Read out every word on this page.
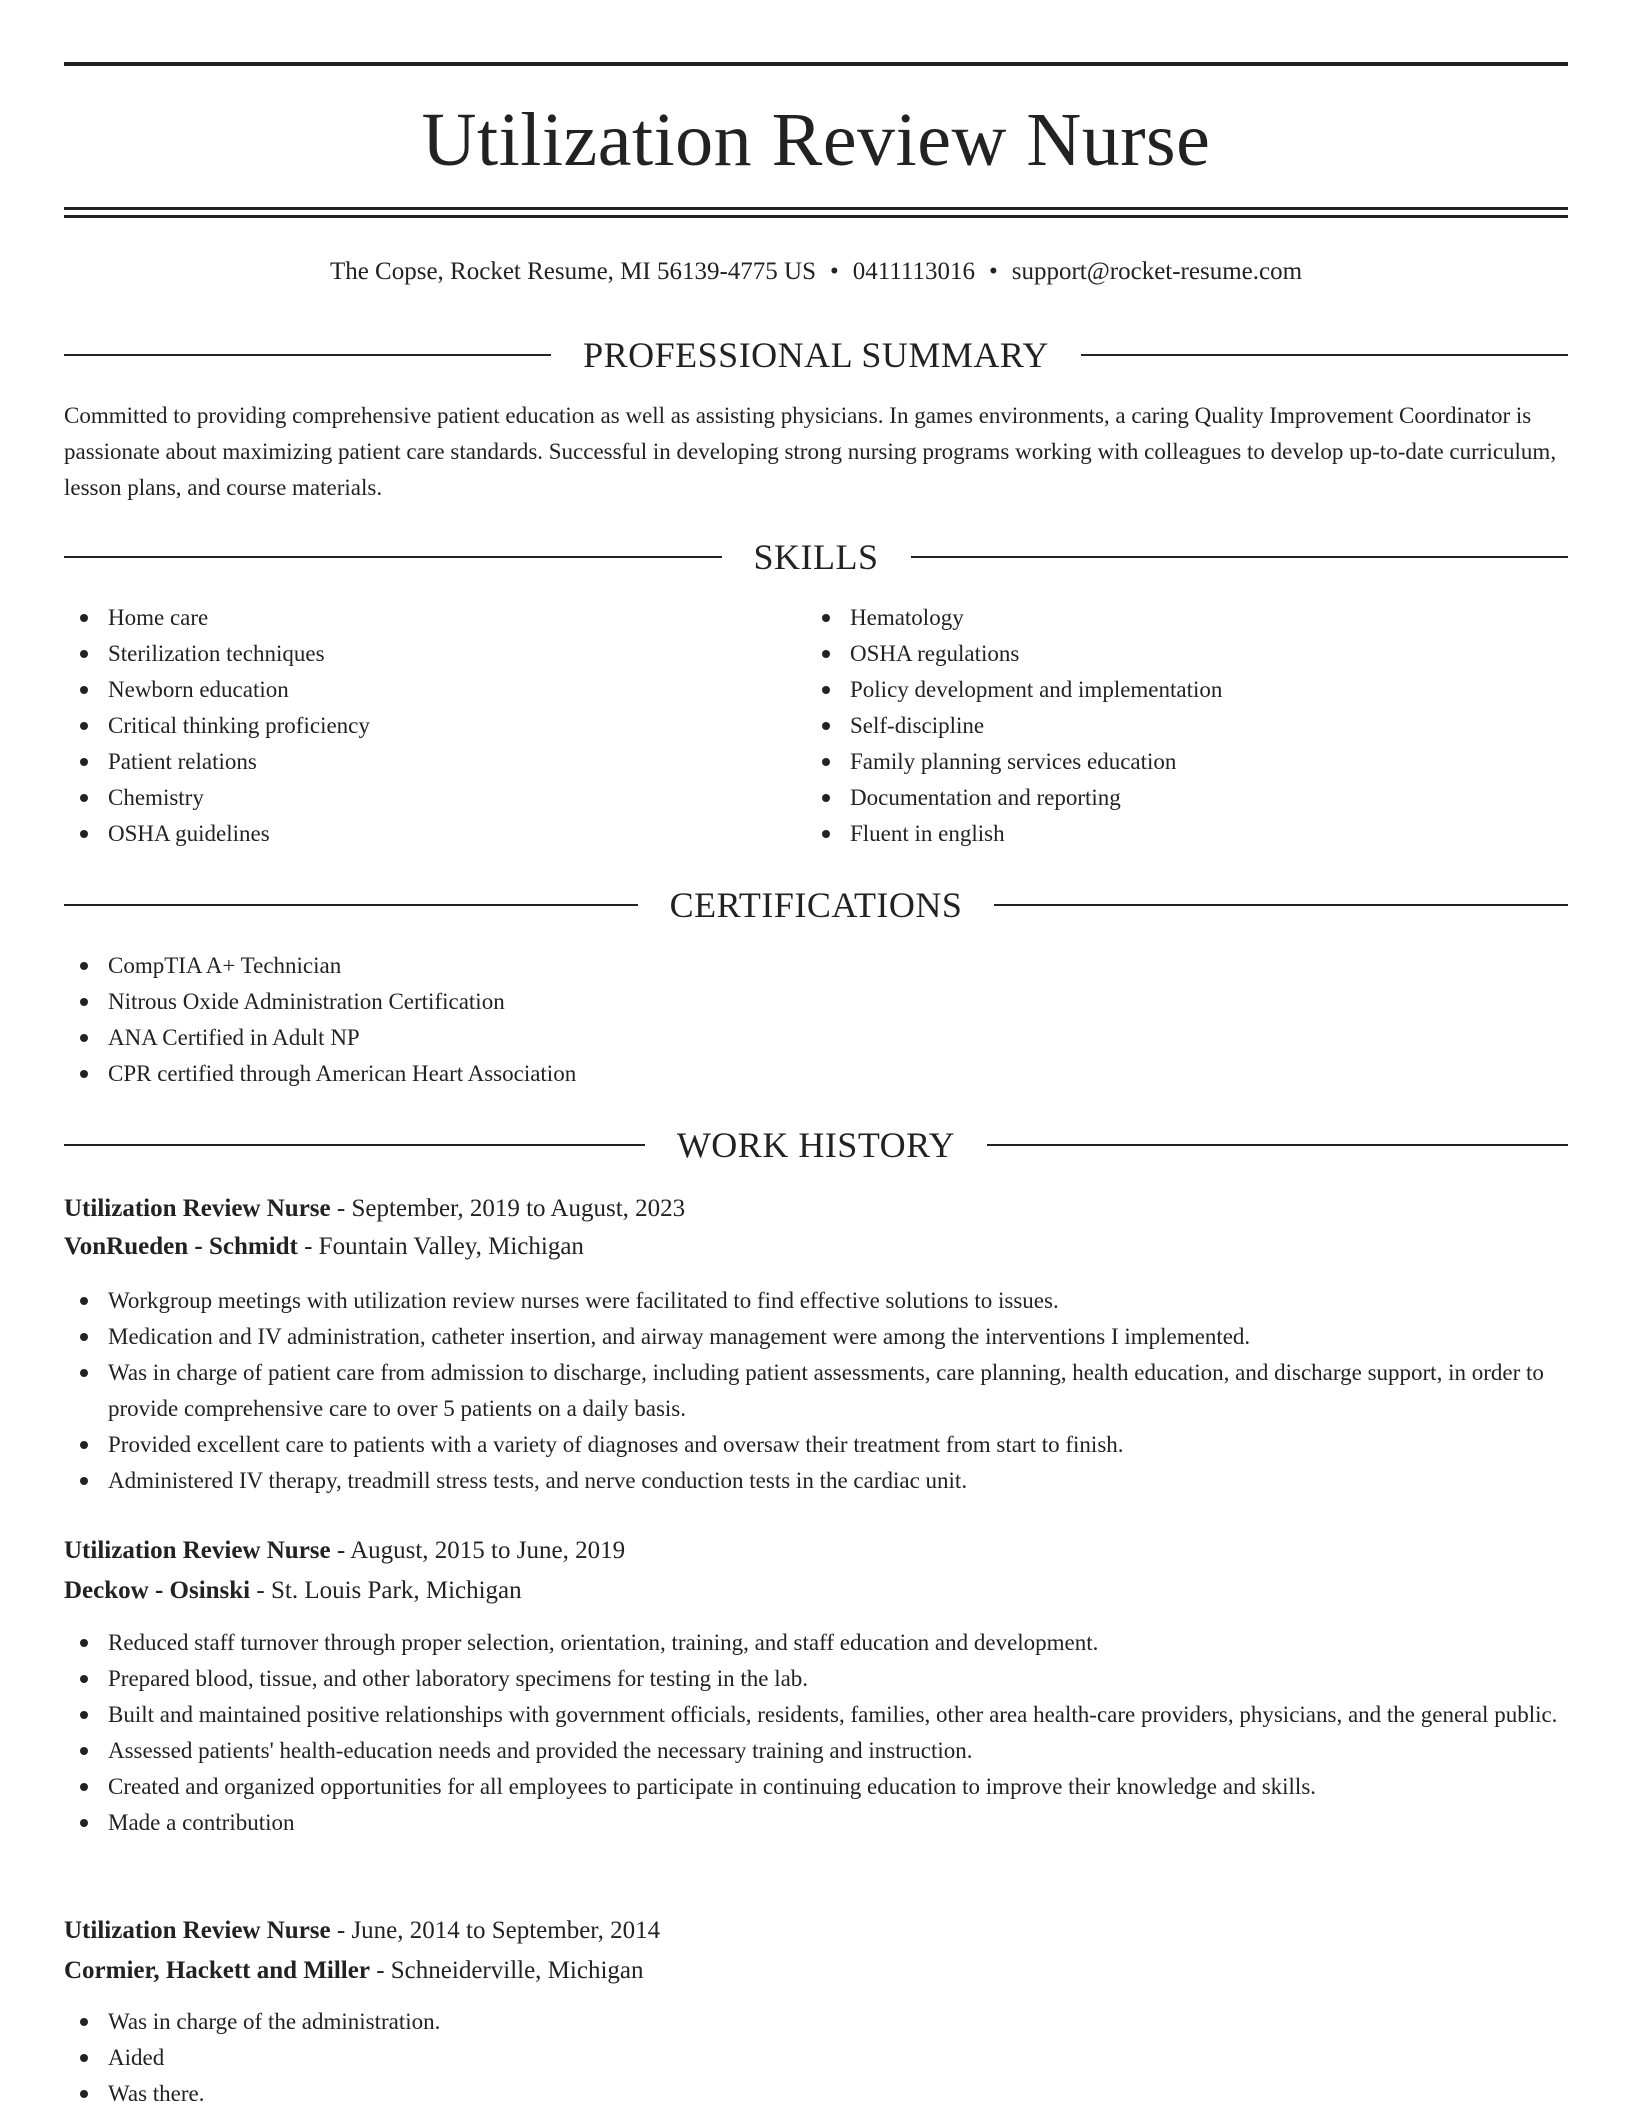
Utilization Review Nurse
The Copse, Rocket Resume, MI 56139-4775 US • 0411113016 • support@rocket-resume.com
PROFESSIONAL SUMMARY
Committed to providing comprehensive patient education as well as assisting physicians. In games environments, a caring Quality Improvement Coordinator is passionate about maximizing patient care standards. Successful in developing strong nursing programs working with colleagues to develop up-to-date curriculum, lesson plans, and course materials.
SKILLS
Home care
Sterilization techniques
Newborn education
Critical thinking proficiency
Patient relations
Chemistry
OSHA guidelines
Hematology
OSHA regulations
Policy development and implementation
Self-discipline
Family planning services education
Documentation and reporting
Fluent in english
CERTIFICATIONS
CompTIA A+ Technician
Nitrous Oxide Administration Certification
ANA Certified in Adult NP
CPR certified through American Heart Association
WORK HISTORY
Utilization Review Nurse - September, 2019 to August, 2023
VonRueden - Schmidt - Fountain Valley, Michigan
Workgroup meetings with utilization review nurses were facilitated to find effective solutions to issues.
Medication and IV administration, catheter insertion, and airway management were among the interventions I implemented.
Was in charge of patient care from admission to discharge, including patient assessments, care planning, health education, and discharge support, in order to provide comprehensive care to over 5 patients on a daily basis.
Provided excellent care to patients with a variety of diagnoses and oversaw their treatment from start to finish.
Administered IV therapy, treadmill stress tests, and nerve conduction tests in the cardiac unit.
Utilization Review Nurse - August, 2015 to June, 2019
Deckow - Osinski - St. Louis Park, Michigan
Reduced staff turnover through proper selection, orientation, training, and staff education and development.
Prepared blood, tissue, and other laboratory specimens for testing in the lab.
Built and maintained positive relationships with government officials, residents, families, other area health-care providers, physicians, and the general public.
Assessed patients' health-education needs and provided the necessary training and instruction.
Created and organized opportunities for all employees to participate in continuing education to improve their knowledge and skills.
Made a contribution
Utilization Review Nurse - June, 2014 to September, 2014
Cormier, Hackett and Miller - Schneiderville, Michigan
Was in charge of the administration.
Aided
Was there.
